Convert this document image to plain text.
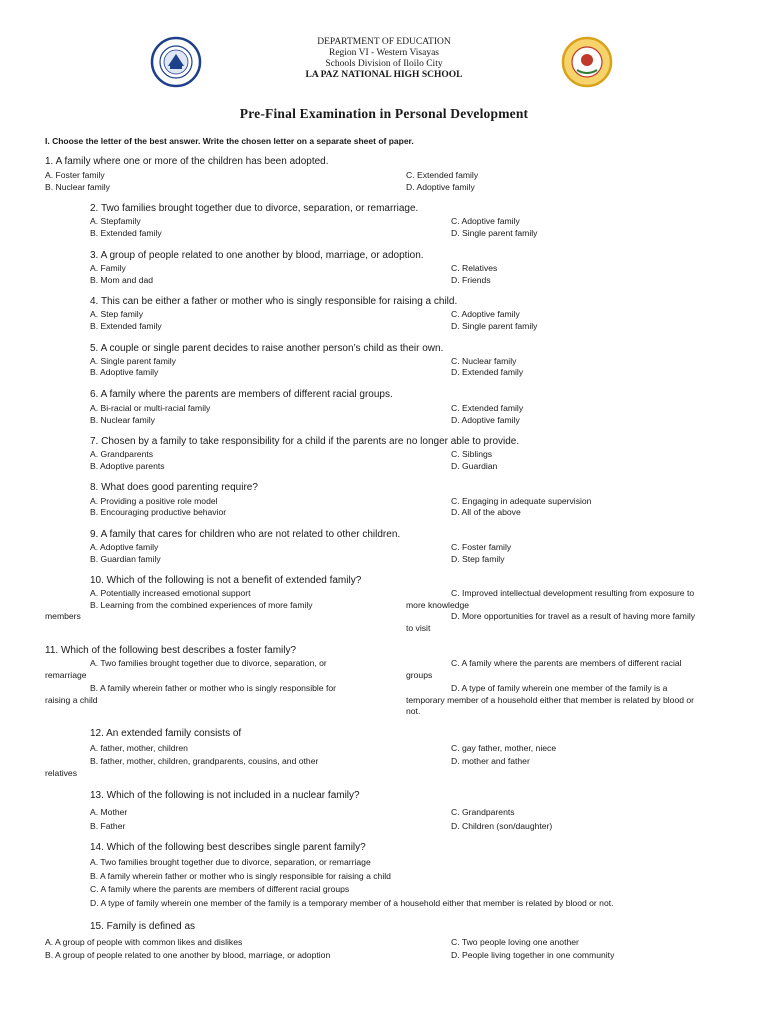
DEPARTMENT OF EDUCATION
Region VI - Western Visayas
Schools Division of Iloilo City
LA PAZ NATIONAL HIGH SCHOOL
Pre-Final Examination in Personal Development
I. Choose the letter of the best answer. Write the chosen letter on a separate sheet of paper.
1. A family where one or more of the children has been adopted.
A. Foster family
B. Nuclear family
C. Extended family
D. Adoptive family
2. Two families brought together due to divorce, separation, or remarriage.
A. Stepfamily
B. Extended family
C. Adoptive family
D. Single parent family
3. A group of people related to one another by blood, marriage, or adoption.
A. Family
B. Mom and dad
C. Relatives
D. Friends
4. This can be either a father or mother who is singly responsible for raising a child.
A. Step family
B. Extended family
C. Adoptive family
D. Single parent family
5. A couple or single parent decides to raise another person’s child as their own.
A. Single parent family
B. Adoptive family
C. Nuclear family
D. Extended family
6. A family where the parents are members of different racial groups.
A. Bi-racial or multi-racial family
B. Nuclear family
C. Extended family
D. Adoptive family
7. Chosen by a family to take responsibility for a child if the parents are no longer able to provide.
A. Grandparents
B. Adoptive parents
C. Siblings
D. Guardian
8. What does good parenting require?
A. Providing a positive role model
B. Encouraging productive behavior
C. Engaging in adequate supervision
D. All of the above
9. A family that cares for children who are not related to other children.
A. Adoptive family
B. Guardian family
C. Foster family
D. Step family
10. Which of the following is not a benefit of extended family?
A. Potentially increased emotional support
B. Learning from the combined experiences of more family
members
C. Improved intellectual development resulting from exposure to
more knowledge
D. More opportunities for travel as a result of having more family
to visit
11. Which of the following best describes a foster family?
A. Two families brought together due to divorce, separation, or
remarriage
B. A family wherein father or mother who is singly responsible for
raising a child
C. A family where the parents are members of different racial
groups
D. A type of family wherein one member of the family is a
temporary member of a household either that member is related by blood or
not.
12. An extended family consists of
A. father, mother, children
B. father, mother, children, grandparents, cousins, and other
relatives
C. gay father, mother, niece
D. mother and father
13. Which of the following is not included in a nuclear family?
A. Mother
B. Father
C. Grandparents
D. Children (son/daughter)
14. Which of the following best describes single parent family?
A. Two families brought together due to divorce, separation, or remarriage
B. A family wherein father or mother who is singly responsible for raising a child
C. A family where the parents are members of different racial groups
D. A type of family wherein one member of the family is a temporary member of a household either that member is related by blood or not.
15. Family is defined as
A. A group of people with common likes and dislikes
B. A group of people related to one another by blood, marriage, or adoption
C. Two people loving one another
D. People living together in one community
